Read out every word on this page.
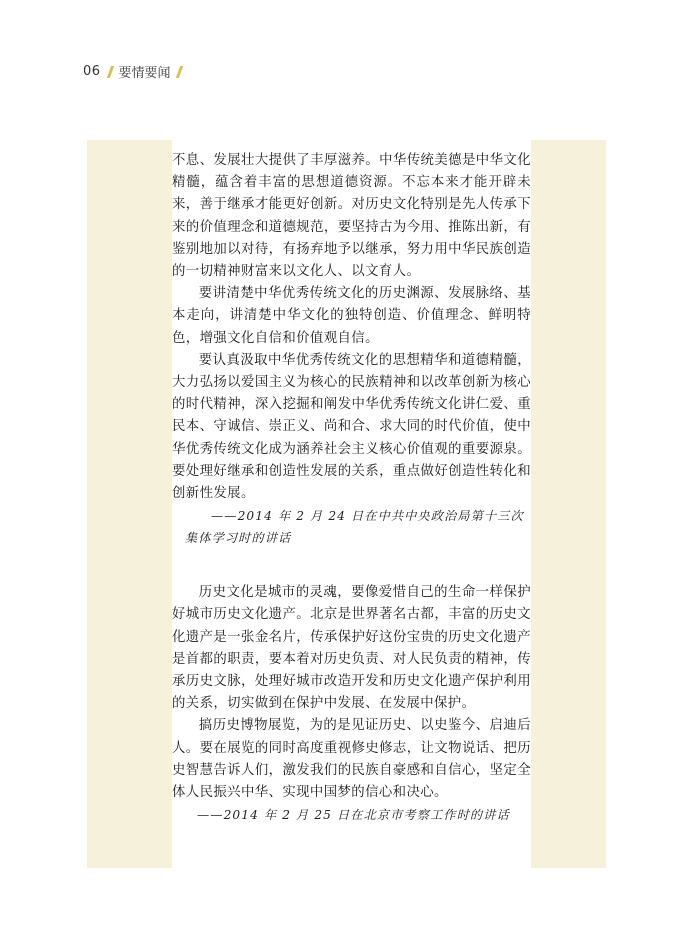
06 要情要闻

不息、发展壮大提供了丰厚滋养。中华传统美德是中华文化精髓，蕴含着丰富的思想道德资源。不忘本来才能开辟未来，善于继承才能更好创新。对历史文化特别是先人传承下来的价值理念和道德规范，要坚持古为今用、推陈出新，有鉴别地加以对待，有扬弃地予以继承，努力用中华民族创造的一切精神财富来以文化人、以文育人。

要讲清楚中华优秀传统文化的历史渊源、发展脉络、基本走向，讲清楚中华文化的独特创造、价值理念、鲜明特色，增强文化自信和价值观自信。

要认真汲取中华优秀传统文化的思想精华和道德精髓，大力弘扬以爱国主义为核心的民族精神和以改革创新为核心的时代精神，深入挖掘和阐发中华优秀传统文化讲仁爱、重民本、守诚信、崇正义、尚和合、求大同的时代价值，使中华优秀传统文化成为涵养社会主义核心价值观的重要源泉。要处理好继承和创造性发展的关系，重点做好创造性转化和创新性发展。

——2014 年 2 月 24 日在中共中央政治局第十三次

集体学习时的讲话

历史文化是城市的灵魂，要像爱惜自己的生命一样保护好城市历史文化遗产。北京是世界著名古都，丰富的历史文化遗产是一张金名片，传承保护好这份宝贵的历史文化遗产是首都的职责，要本着对历史负责、对人民负责的精神，传承历史文脉，处理好城市改造开发和历史文化遗产保护利用的关系，切实做到在保护中发展、在发展中保护。

搞历史博物展览，为的是见证历史、以史鉴今、启迪后人。要在展览的同时高度重视修史修志，让文物说话、把历史智慧告诉人们，激发我们的民族自豪感和自信心，坚定全体人民振兴中华、实现中国梦的信心和决心。

——2014 年 2 月 25 日在北京市考察工作时的讲话
